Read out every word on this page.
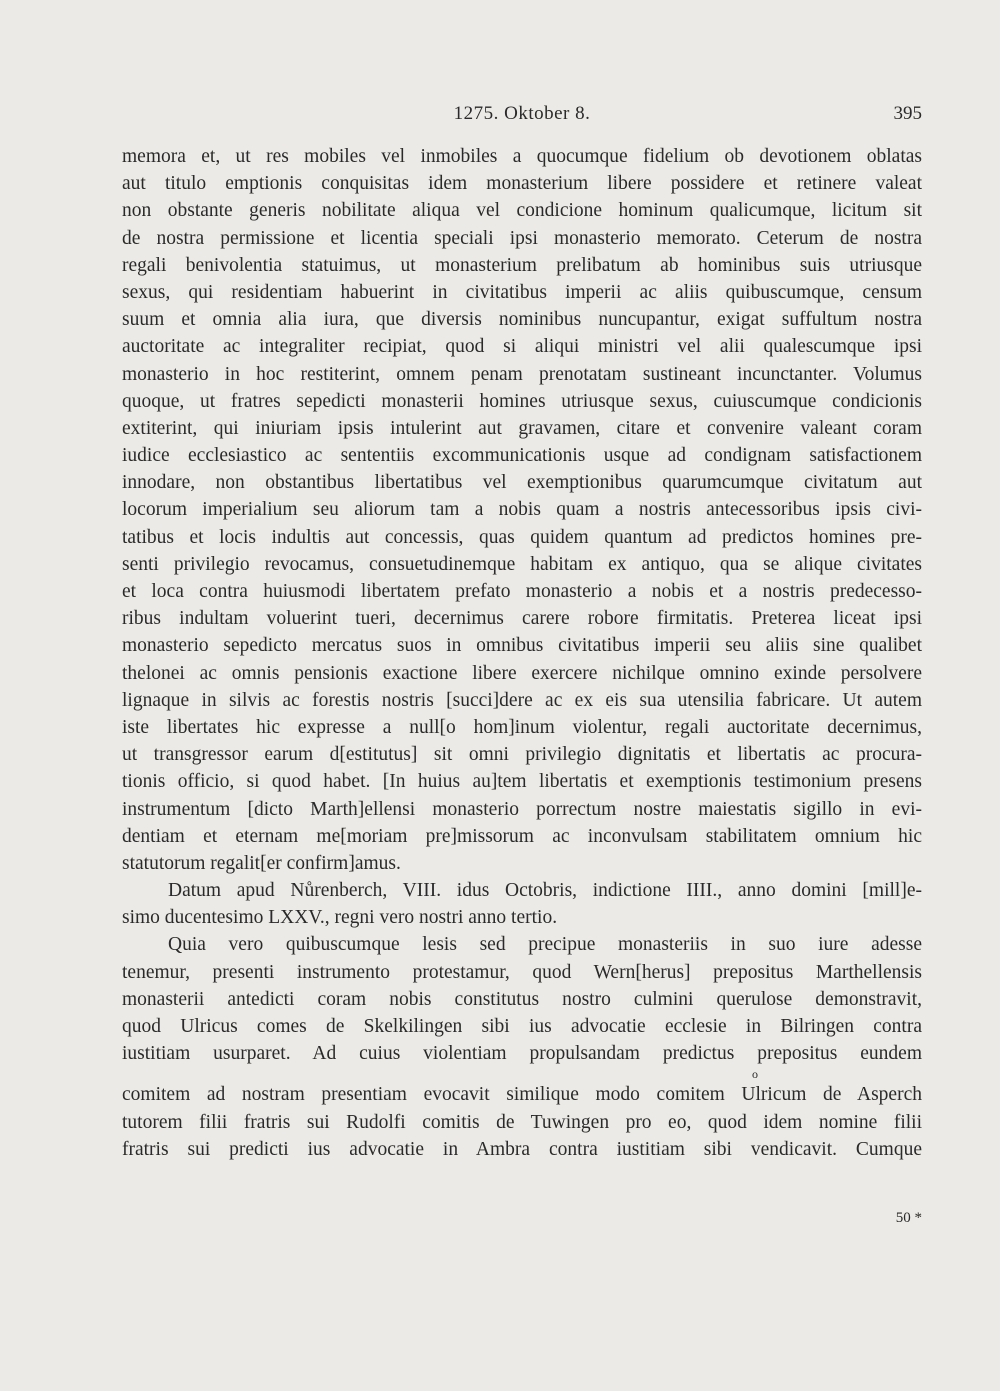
1275. Oktober 8.	395
memora et, ut res mobiles vel inmobiles a quocumque fidelium ob devotionem oblatas
aut titulo emptionis conquisitas idem monasterium libere possidere et retinere valeat
non obstante generis nobilitate aliqua vel condicione hominum qualicumque, licitum sit
de nostra permissione et licentia speciali ipsi monasterio memorato. Ceterum de nostra
regali benivolentia statuimus, ut monasterium prelibatum ab hominibus suis utriusque
sexus, qui residentiam habuerint in civitatibus imperii ac aliis quibuscumque, censum
suum et omnia alia iura, que diversis nominibus nuncupantur, exigat suffultum nostra
auctoritate ac integraliter recipiat, quod si aliqui ministri vel alii qualescumque ipsi
monasterio in hoc restiterint, omnem penam prenotatam sustineant incunctanter. Volumus
quoque, ut fratres sepedicti monasterii homines utriusque sexus, cuiuscumque condicionis
extiterint, qui iniuriam ipsis intulerint aut gravamen, citare et convenire valeant coram
iudice ecclesiastico ac sententiis excommunicationis usque ad condignam satisfactionem
innodare, non obstantibus libertatibus vel exemptionibus quarumcumque civitatum aut
locorum imperialium seu aliorum tam a nobis quam a nostris antecessoribus ipsis civi-
tatibus et locis indultis aut concessis, quas quidem quantum ad predictos homines pre-
senti privilegio revocamus, consuetudinemque habitam ex antiquo, qua se alique civitates
et loca contra huiusmodi libertatem prefato monasterio a nobis et a nostris predecesso-
ribus indultam voluerint tueri, decernimus carere robore firmitatis. Preterea liceat ipsi
monasterio sepedicto mercatus suos in omnibus civitatibus imperii seu aliis sine qualibet
thelonei ac omnis pensionis exactione libere exercere nichilque omnino exinde persolvere
lignaque in silvis ac forestis nostris [succi]dere ac ex eis sua utensilia fabricare. Ut autem
iste libertates hic expresse a null[o hom]inum violentur, regali auctoritate decernimus,
ut transgressor earum d[estitutus] sit omni privilegio dignitatis et libertatis ac procura-
tionis officio, si quod habet. [In huius au]tem libertatis et exemptionis testimonium presens
instrumentum [dicto Marth]ellensi monasterio porrectum nostre maiestatis sigillo in evi-
dentiam et eternam me[moriam pre]missorum ac inconvulsam stabilitatem omnium hic
statutorum regalit[er confirm]amus.
Datum apud Nůrenberch, VIII. idus Octobris, indictione IIII., anno domini [mill]e-
simo ducentesimo LXXV., regni vero nostri anno tertio.
Quia vero quibuscumque lesis sed precipue monasteriis in suo iure adesse
tenemur, presenti instrumento protestamur, quod Wern[herus] prepositus Marthellensis
monasterii antedicti coram nobis constitutus nostro culmini querulose demonstravit,
quod Ulricus comes de Skelkilingen sibi ius advocatie ecclesie in Bilringen contra
iustitiam usurparet. Ad cuius violentiam propulsandam predictus prepositus eundem
o
comitem ad nostram presentiam evocavit similique modo comitem Ulricum de Asperch
tutorem filii fratris sui Rudolfi comitis de Tuwingen pro eo, quod idem nomine filii
fratris sui predicti ius advocatie in Ambra contra iustitiam sibi vendicavit. Cumque
50 *
